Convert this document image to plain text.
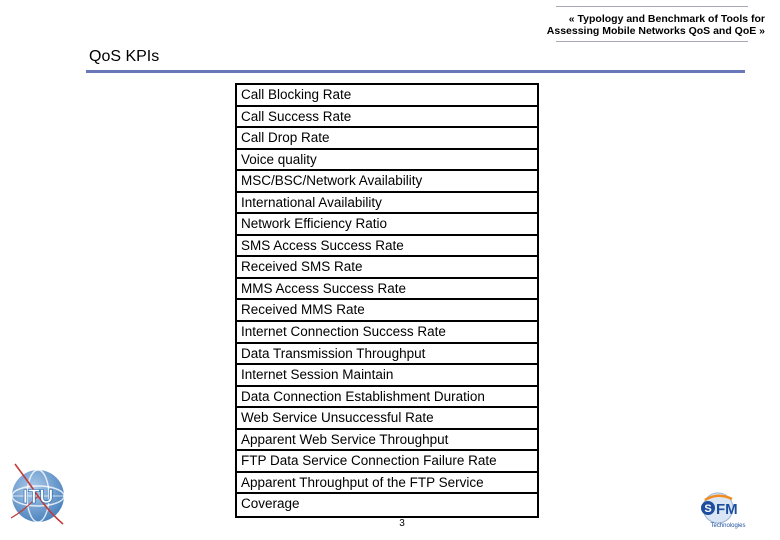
« Typology and Benchmark of Tools for
Assessing Mobile Networks QoS and QoE »
QoS KPIs
Call Blocking Rate
Call Success Rate
Call Drop Rate
Voice quality
MSC/BSC/Network Availability
International Availability
Network Efficiency Ratio
SMS Access Success Rate
Received SMS Rate
MMS Access Success Rate
Received MMS Rate
Internet Connection Success Rate
Data Transmission Throughput
Internet Session Maintain
Data Connection Establishment Duration
Web Service Unsuccessful Rate
Apparent Web Service Throughput
FTP Data Service Connection Failure Rate
Apparent Throughput of the FTP Service
Coverage
3
ITU
S FM
Technologies
